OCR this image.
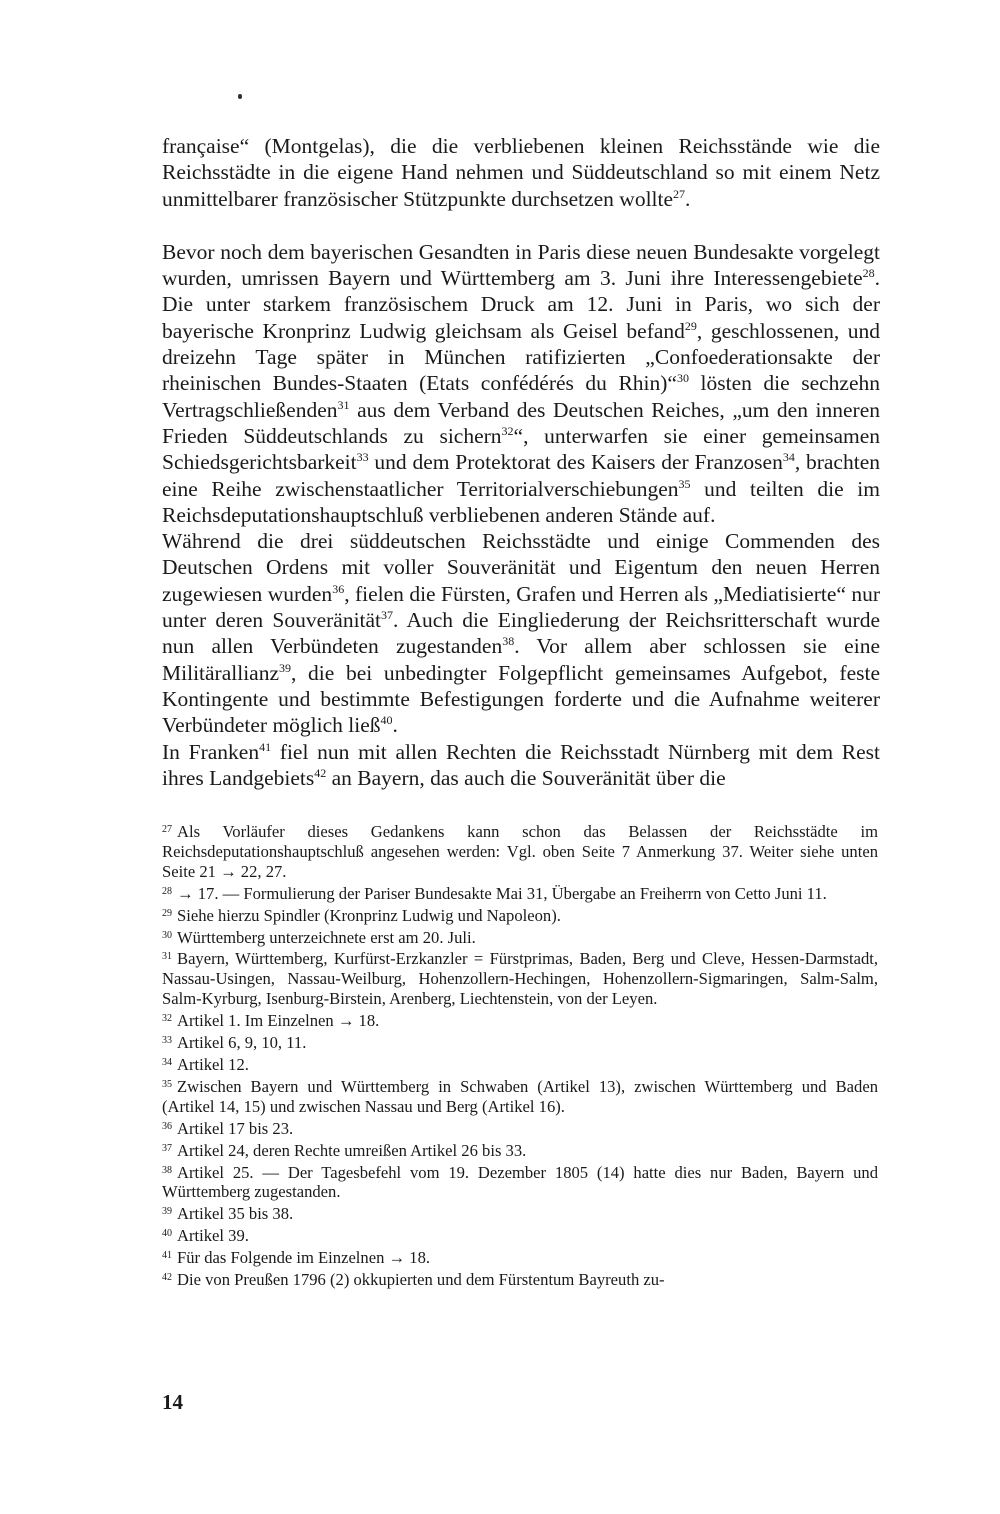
française“ (Montgelas), die die verbliebenen kleinen Reichsstände wie die Reichsstädte in die eigene Hand nehmen und Süddeutschland so mit einem Netz unmittelbarer französischer Stützpunkte durchsetzen wollte$^{27}$.

Bevor noch dem bayerischen Gesandten in Paris diese neuen Bundesakte vorgelegt wurden, umrissen Bayern und Württemberg am 3. Juni ihre Interessengebiete$^{28}$. Die unter starkem französischem Druck am 12. Juni in Paris, wo sich der bayerische Kronprinz Ludwig gleichsam als Geisel befand$^{29}$, geschlossenen, und dreizehn Tage später in München ratifizierten „Confoederationsakte der rheinischen Bundes-Staaten (Etats confédérés du Rhin)“$^{30}$ lösten die sechzehn Vertragschließenden$^{31}$ aus dem Verband des Deutschen Reiches, „um den inneren Frieden Süddeutschlands zu sichern$^{32}$“, unterwarfen sie einer gemeinsamen Schiedsgerichtsbarkeit$^{33}$ und dem Protektorat des Kaisers der Franzosen$^{34}$, brachten eine Reihe zwischenstaatlicher Territorialverschiebungen$^{35}$ und teilten die im Reichsdeputationshauptschluß verbliebenen anderen Stände auf.

Während die drei süddeutschen Reichsstädte und einige Commenden des Deutschen Ordens mit voller Souveränität und Eigentum den neuen Herren zugewiesen wurden$^{36}$, fielen die Fürsten, Grafen und Herren als „Mediatisierte“ nur unter deren Souveränität$^{37}$. Auch die Eingliederung der Reichsritterschaft wurde nun allen Verbündeten zugestanden$^{38}$. Vor allem aber schlossen sie eine Militärallianz$^{39}$, die bei unbedingter Folgepflicht gemeinsames Aufgebot, feste Kontingente und bestimmte Befestigungen forderte und die Aufnahme weiterer Verbündeter möglich ließ$^{40}$.

In Franken$^{41}$ fiel nun mit allen Rechten die Reichsstadt Nürnberg mit dem Rest ihres Landgebiets$^{42}$ an Bayern, das auch die Souveränität über die

$^{27}$ Als Vorläufer dieses Gedankens kann schon das Belassen der Reichsstädte im Reichsdeputationshauptschluß angesehen werden: Vgl. oben Seite 7 Anmerkung 37. Weiter siehe unten Seite 21 → 22, 27.

$^{28}$ → 17. — Formulierung der Pariser Bundesakte Mai 31, Übergabe an Freiherrn von Cetto Juni 11.

$^{29}$ Siehe hierzu Spindler (Kronprinz Ludwig und Napoleon).

$^{30}$ Württemberg unterzeichnete erst am 20. Juli.

$^{31}$ Bayern, Württemberg, Kurfürst-Erzkanzler = Fürstprimas, Baden, Berg und Cleve, Hessen-Darmstadt, Nassau-Usingen, Nassau-Weilburg, Hohenzollern-Hechingen, Hohenzollern-Sigmaringen, Salm-Salm, Salm-Kyrburg, Isenburg-Birstein, Arenberg, Liechtenstein, von der Leyen.

$^{32}$ Artikel 1. Im Einzelnen → 18.

$^{33}$ Artikel 6, 9, 10, 11.

$^{34}$ Artikel 12.

$^{35}$ Zwischen Bayern und Württemberg in Schwaben (Artikel 13), zwischen Württemberg und Baden (Artikel 14, 15) und zwischen Nassau und Berg (Artikel 16).

$^{36}$ Artikel 17 bis 23.

$^{37}$ Artikel 24, deren Rechte umreißen Artikel 26 bis 33.

$^{38}$ Artikel 25. — Der Tagesbefehl vom 19. Dezember 1805 (14) hatte dies nur Baden, Bayern und Württemberg zugestanden.

$^{39}$ Artikel 35 bis 38.

$^{40}$ Artikel 39.

$^{41}$ Für das Folgende im Einzelnen → 18.

$^{42}$ Die von Preußen 1796 (2) okkupierten und dem Fürstentum Bayreuth zu-

14
